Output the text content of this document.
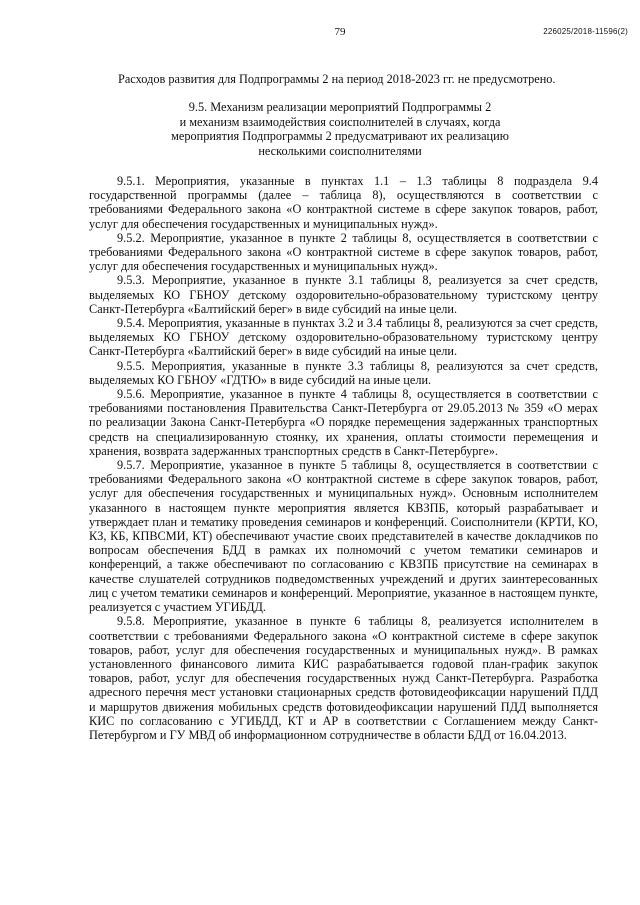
79	226025/2018-11596(2)
Расходов развития для Подпрограммы 2 на период 2018-2023 гг. не предусмотрено.
9.5. Механизм реализации мероприятий Подпрограммы 2
и механизм взаимодействия соисполнителей в случаях, когда
мероприятия Подпрограммы 2 предусматривают их реализацию
несколькими соисполнителями

9.5.1. Мероприятия, указанные в пунктах 1.1 – 1.3 таблицы 8 подраздела 9.4 государственной программы (далее – таблица 8), осуществляются в соответствии с требованиями Федерального закона «О контрактной системе в сфере закупок товаров, работ, услуг для обеспечения государственных и муниципальных нужд».

9.5.2. Мероприятие, указанное в пункте 2 таблицы 8, осуществляется в соответствии с требованиями Федерального закона «О контрактной системе в сфере закупок товаров, работ, услуг для обеспечения государственных и муниципальных нужд».

9.5.3. Мероприятие, указанное в пункте 3.1 таблицы 8, реализуется за счет средств, выделяемых КО ГБНОУ детскому оздоровительно-образовательному туристскому центру Санкт-Петербурга «Балтийский берег» в виде субсидий на иные цели.

9.5.4. Мероприятия, указанные в пунктах 3.2 и 3.4 таблицы 8, реализуются за счет средств, выделяемых КО ГБНОУ детскому оздоровительно-образовательному туристскому центру Санкт-Петербурга «Балтийский берег» в виде субсидий на иные цели.

9.5.5. Мероприятия, указанные в пункте 3.3 таблицы 8, реализуются за счет средств, выделяемых КО ГБНОУ «ГДТЮ» в виде субсидий на иные цели.

9.5.6. Мероприятие, указанное в пункте 4 таблицы 8, осуществляется в соответствии с требованиями постановления Правительства Санкт-Петербурга от 29.05.2013 № 359 «О мерах по реализации Закона Санкт-Петербурга «О порядке перемещения задержанных транспортных средств на специализированную стоянку, их хранения, оплаты стоимости перемещения и хранения, возврата задержанных транспортных средств в Санкт-Петербурге».

9.5.7. Мероприятие, указанное в пункте 5 таблицы 8, осуществляется в соответствии с требованиями Федерального закона «О контрактной системе в сфере закупок товаров, работ, услуг для обеспечения государственных и муниципальных нужд». Основным исполнителем указанного в настоящем пункте мероприятия является КВЗПБ, который разрабатывает и утверждает план и тематику проведения семинаров и конференций. Соисполнители (КРТИ, КО, КЗ, КБ, КПВСМИ, КТ) обеспечивают участие своих представителей в качестве докладчиков по вопросам обеспечения БДД в рамках их полномочий с учетом тематики семинаров и конференций, а также обеспечивают по согласованию с КВЗПБ присутствие на семинарах в качестве слушателей сотрудников подведомственных учреждений и других заинтересованных лиц с учетом тематики семинаров и конференций. Мероприятие, указанное в настоящем пункте, реализуется с участием УГИБДД.

9.5.8. Мероприятие, указанное в пункте 6 таблицы 8, реализуется исполнителем в соответствии с требованиями Федерального закона «О контрактной системе в сфере закупок товаров, работ, услуг для обеспечения государственных и муниципальных нужд». В рамках установленного финансового лимита КИС разрабатывается годовой план-график закупок товаров, работ, услуг для обеспечения государственных нужд Санкт-Петербурга. Разработка адресного перечня мест установки стационарных средств фотовидеофиксации нарушений ПДД и маршрутов движения мобильных средств фотовидеофиксации нарушений ПДД выполняется КИС по согласованию с УГИБДД, КТ и АР в соответствии с Соглашением между Санкт-Петербургом и ГУ МВД об информационном сотрудничестве в области БДД от 16.04.2013.
